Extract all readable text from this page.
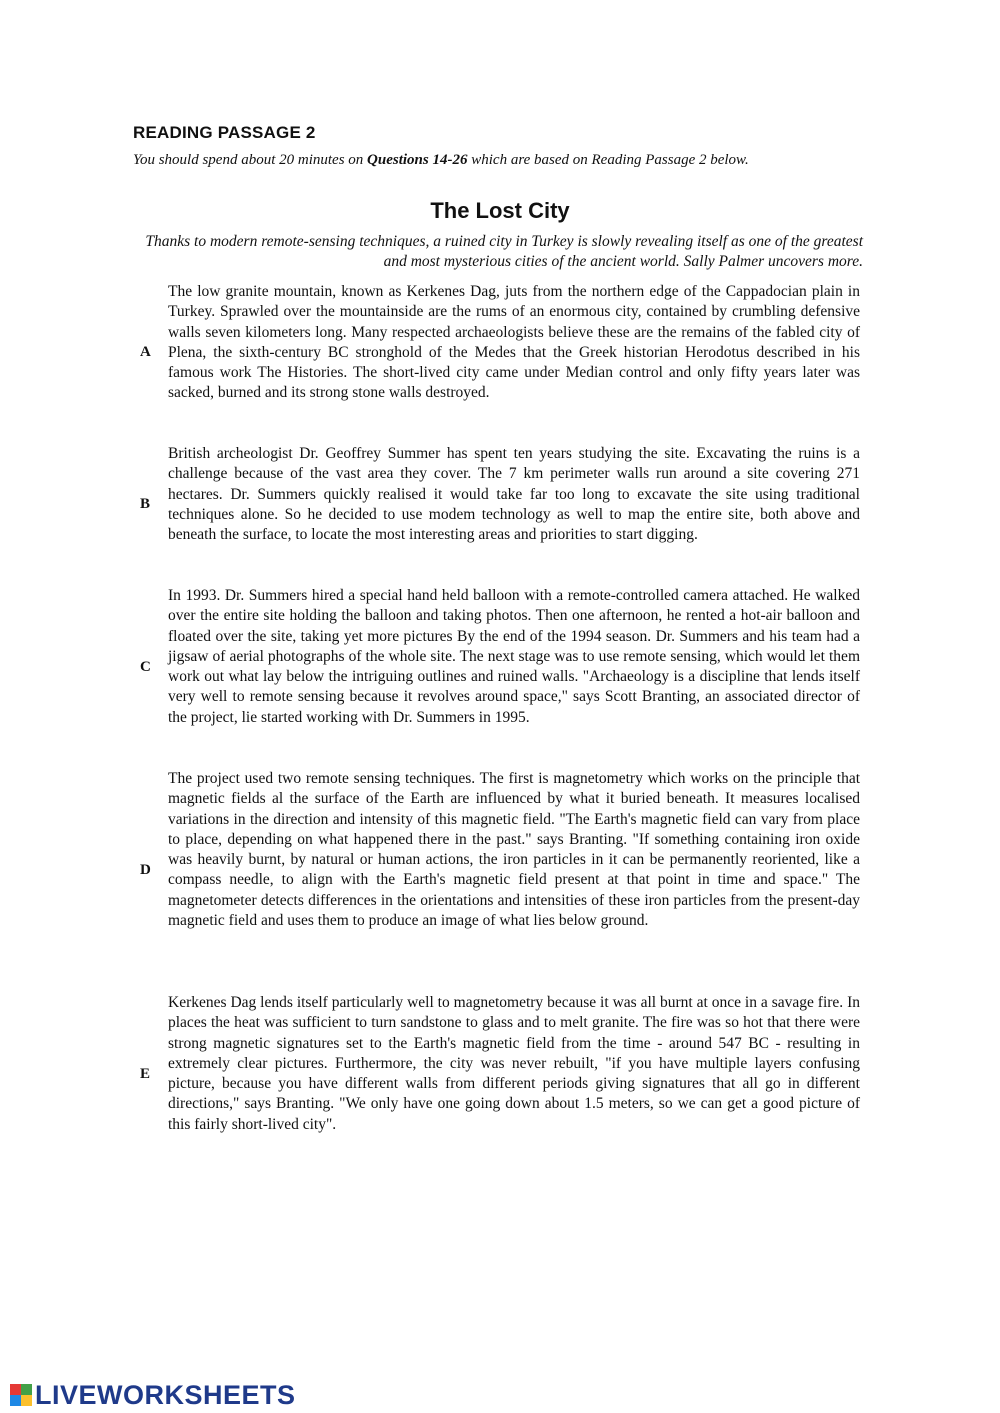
READING PASSAGE 2

You should spend about 20 minutes on Questions 14-26 which are based on Reading Passage 2 below.

The Lost City

Thanks to modern remote-sensing techniques, a ruined city in Turkey is slowly revealing itself as one of the greatest and most mysterious cities of the ancient world. Sally Palmer uncovers more.

A

The low granite mountain, known as Kerkenes Dag, juts from the northern edge of the Cappadocian plain in Turkey. Sprawled over the mountainside are the rums of an enormous city, contained by crumbling defensive walls seven kilometers long. Many respected archaeologists believe these are the remains of the fabled city of Plena, the sixth-century BC stronghold of the Medes that the Greek historian Herodotus described in his famous work The Histories. The short-lived city came under Median control and only fifty years later was sacked, burned and its strong stone walls destroyed.

B

British archeologist Dr. Geoffrey Summer has spent ten years studying the site. Excavating the ruins is a challenge because of the vast area they cover. The 7 km perimeter walls run around a site covering 271 hectares. Dr. Summers quickly realised it would take far too long to excavate the site using traditional techniques alone. So he decided to use modem technology as well to map the entire site, both above and beneath the surface, to locate the most interesting areas and priorities to start digging.

C

In 1993. Dr. Summers hired a special hand held balloon with a remote-controlled camera attached. He walked over the entire site holding the balloon and taking photos. Then one afternoon, he rented a hot-air balloon and floated over the site, taking yet more pictures By the end of the 1994 season. Dr. Summers and his team had a jigsaw of aerial photographs of the whole site. The next stage was to use remote sensing, which would let them work out what lay below the intriguing outlines and ruined walls. "Archaeology is a discipline that lends itself very well to remote sensing because it revolves around space," says Scott Branting, an associated director of the project, lie started working with Dr. Summers in 1995.

D

The project used two remote sensing techniques. The first is magnetometry which works on the principle that magnetic fields al the surface of the Earth are influenced by what it buried beneath. It measures localised variations in the direction and intensity of this magnetic field. "The Earth's magnetic field can vary from place to place, depending on what happened there in the past." says Branting. "If something containing iron oxide was heavily burnt, by natural or human actions, the iron particles in it can be permanently reoriented, like a compass needle, to align with the Earth's magnetic field present at that point in time and space." The magnetometer detects differences in the orientations and intensities of these iron particles from the present-day magnetic field and uses them to produce an image of what lies below ground.

E

Kerkenes Dag lends itself particularly well to magnetometry because it was all burnt at once in a savage fire. In places the heat was sufficient to turn sandstone to glass and to melt granite. The fire was so hot that there were strong magnetic signatures set to the Earth's magnetic field from the time - around 547 BC - resulting in extremely clear pictures. Furthermore, the city was never rebuilt, "if you have multiple layers confusing picture, because you have different walls from different periods giving signatures that all go in different directions," says Branting. "We only have one going down about 1.5 meters, so we can get a good picture of this fairly short-lived city".

LIVEWORKSHEETS
